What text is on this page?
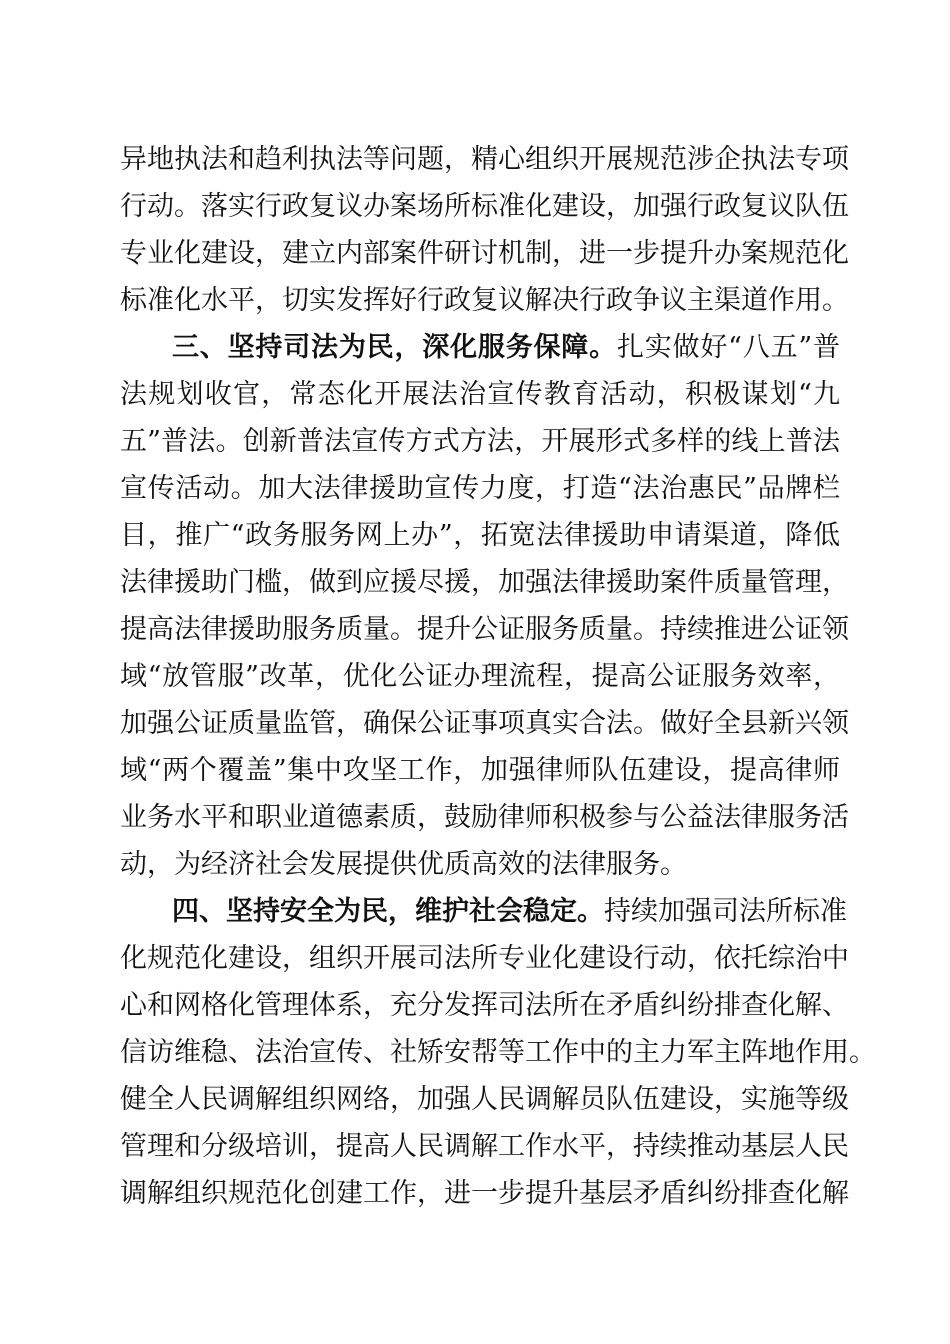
异地执法和趋利执法等问题，精心组织开展规范涉企执法专项
行动。落实行政复议办案场所标准化建设，加强行政复议队伍
专业化建设，建立内部案件研讨机制，进一步提升办案规范化
标准化水平，切实发挥好行政复议解决行政争议主渠道作用。
三、坚持司法为民，深化服务保障。扎实做好“八五”普
法规划收官，常态化开展法治宣传教育活动，积极谋划“九
五”普法。创新普法宣传方式方法，开展形式多样的线上普法
宣传活动。加大法律援助宣传力度，打造“法治惠民”品牌栏
目，推广“政务服务网上办”，拓宽法律援助申请渠道，降低
法律援助门槛，做到应援尽援，加强法律援助案件质量管理，
提高法律援助服务质量。提升公证服务质量。持续推进公证领
域“放管服”改革，优化公证办理流程，提高公证服务效率，
加强公证质量监管，确保公证事项真实合法。做好全县新兴领
域“两个覆盖”集中攻坚工作，加强律师队伍建设，提高律师
业务水平和职业道德素质，鼓励律师积极参与公益法律服务活
动，为经济社会发展提供优质高效的法律服务。
四、坚持安全为民，维护社会稳定。持续加强司法所标准
化规范化建设，组织开展司法所专业化建设行动，依托综治中
心和网格化管理体系，充分发挥司法所在矛盾纠纷排查化解、
信访维稳、法治宣传、社矫安帮等工作中的主力军主阵地作用。
健全人民调解组织网络，加强人民调解员队伍建设，实施等级
管理和分级培训，提高人民调解工作水平，持续推动基层人民
调解组织规范化创建工作，进一步提升基层矛盾纠纷排查化解
